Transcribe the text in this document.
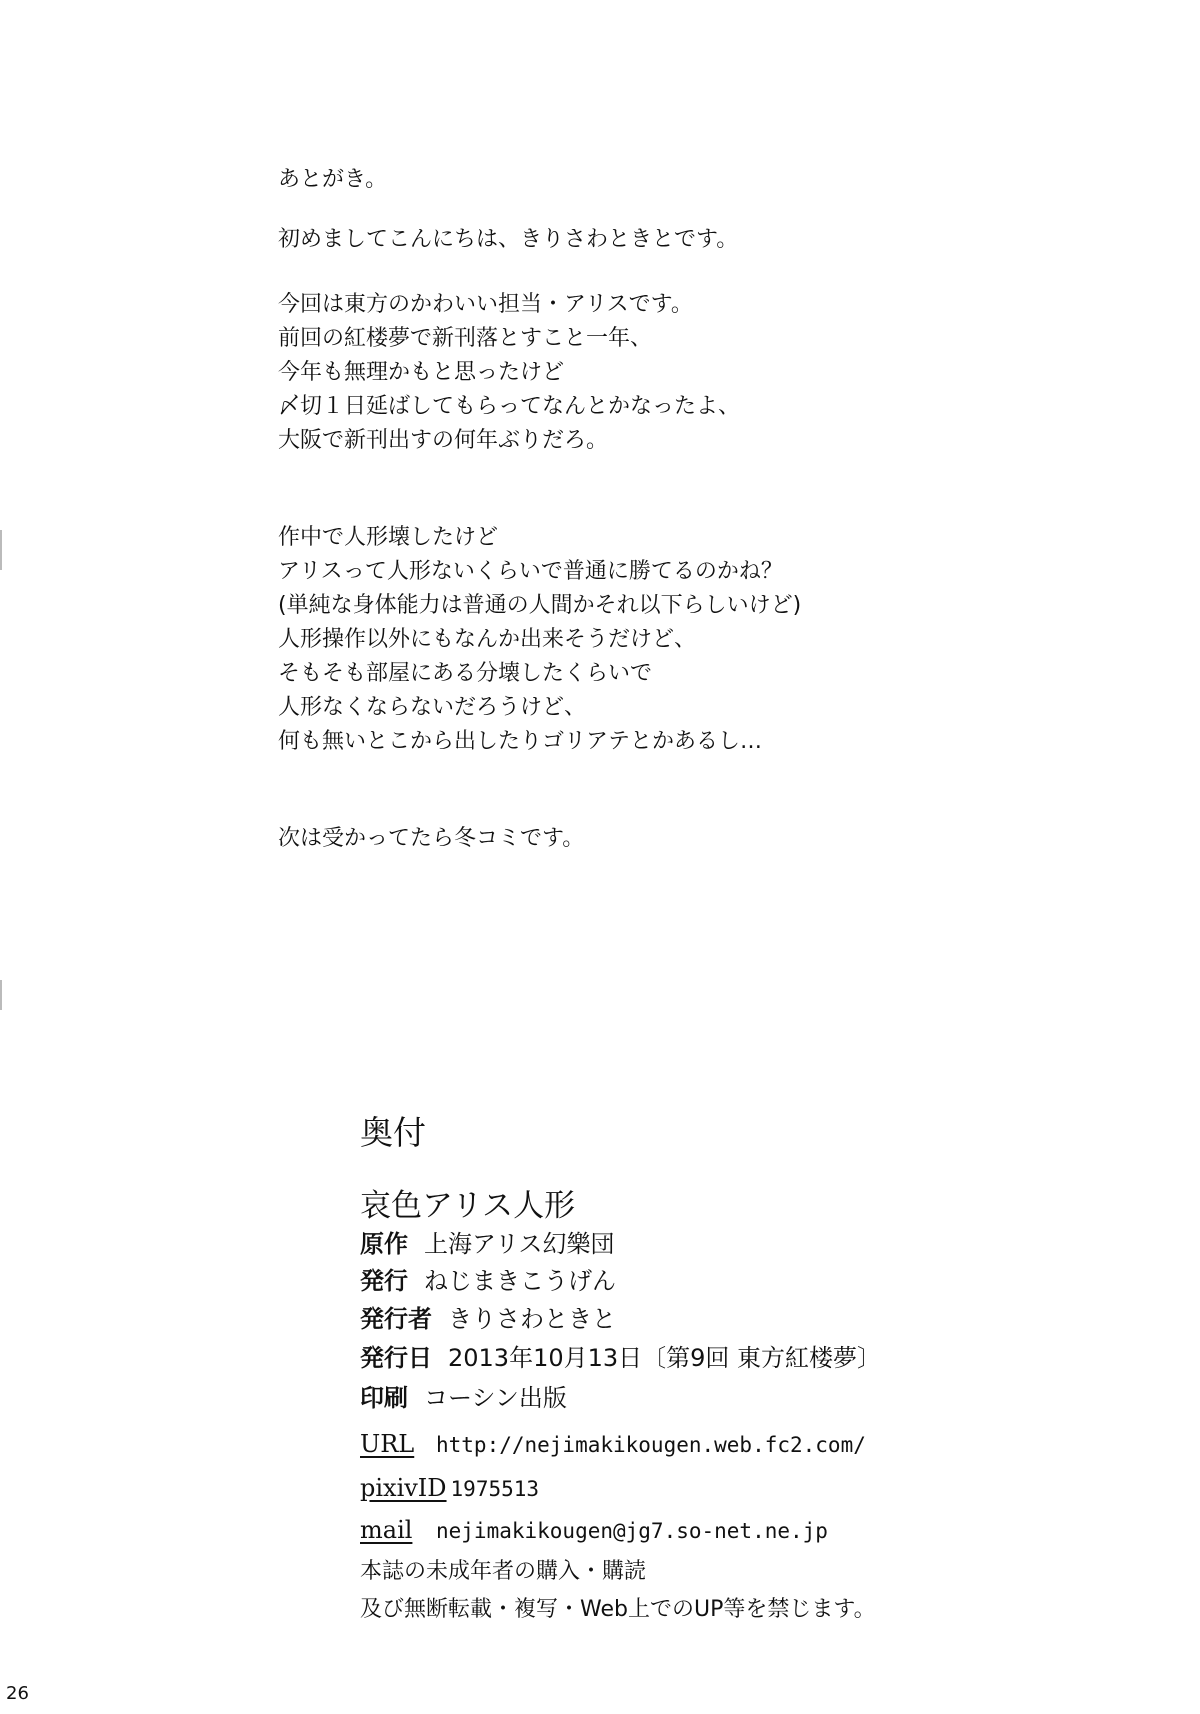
あとがき。
初めましてこんにちは、きりさわときとです。
今回は東方のかわいい担当・アリスです。
前回の紅楼夢で新刊落とすこと一年、
今年も無理かもと思ったけど
〆切１日延ばしてもらってなんとかなったよ、
大阪で新刊出すの何年ぶりだろ。
作中で人形壊したけど
アリスって人形ないくらいで普通に勝てるのかね？
(単純な身体能力は普通の人間かそれ以下らしいけど)
人形操作以外にもなんか出来そうだけど、
そもそも部屋にある分壊したくらいで
人形なくならないだろうけど、
何も無いとこから出したりゴリアテとかあるし…
次は受かってたら冬コミです。
奥付
哀色アリス人形
原作 上海アリス幻樂団
発行 ねじまきこうげん
発行者 きりさわときと
発行日 2013年10月13日〔第9回 東方紅楼夢〕
印刷 コーシン出版
URL http://nejimakikougen.web.fc2.com/
pixivID 1975513
mail nejimakikougen@jg7.so-net.ne.jp
本誌の未成年者の購入・購読
及び無断転載・複写・Web上でのUP等を禁じます。
26
